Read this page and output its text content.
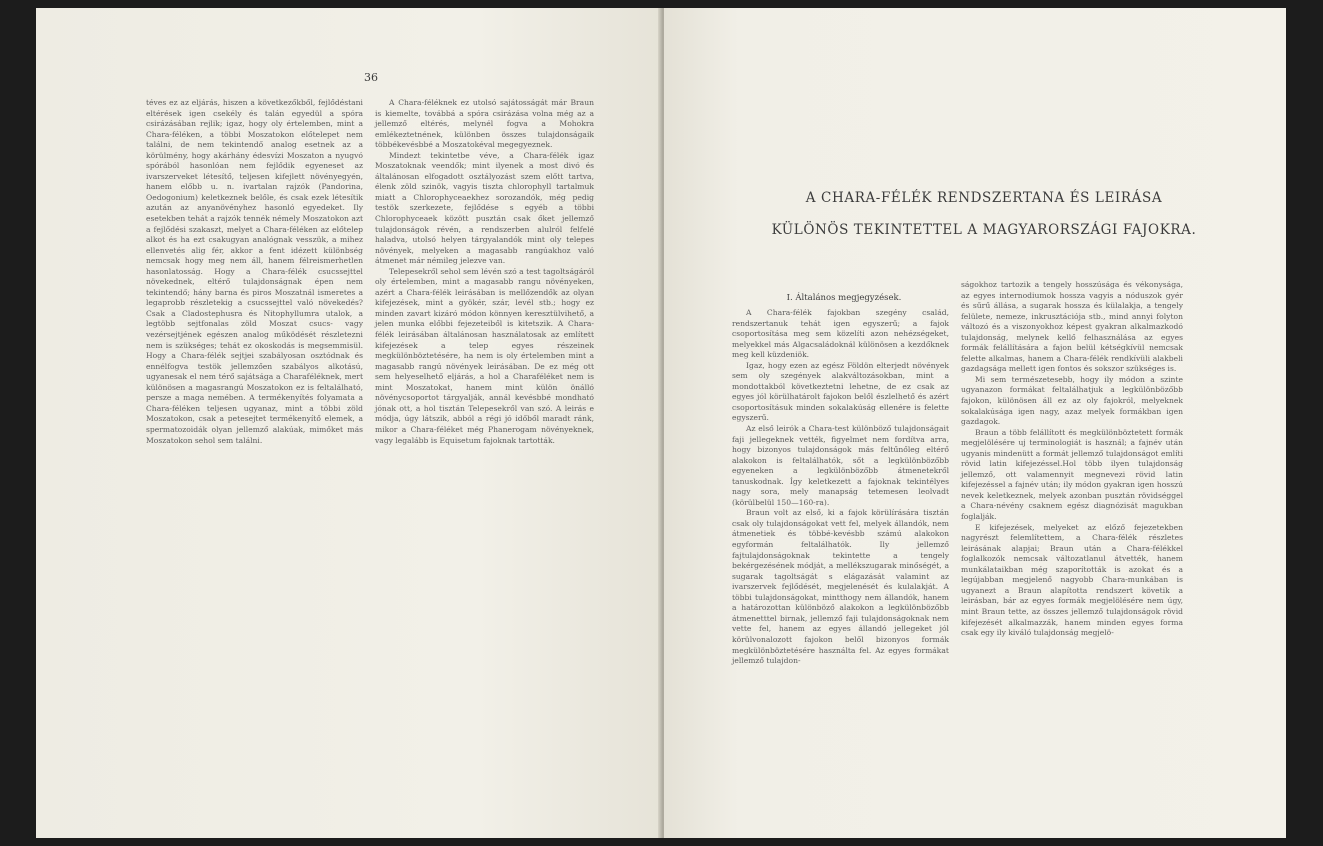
36

téves ez az eljárás, hiszen a következőkből, fejlődéstani eltérések igen csekély és talán egyedül a spóra csirázásában rejlik; igaz, hogy oly értelemben, mint a Chara-féléken, a többi Moszatokon előtelepet nem találni, de nem tekintendő analog esetnek az a körülmény, hogy akárhány édesvízi Moszaton a nyugvó spórából hasonlóan nem fejlődik egyeneset az ivarszerveket létesítő, teljesen kifejlett növényegyén, hanem előbb u. n. ivartalan rajzók (Pandorina, Oedogonium) keletkeznek belőle, és csak ezek létesítik azután az anyanövényhez hasonló egyedeket. Ily esetekben tehát a rajzók tennék némely Moszatokon azt a fejlődési szakaszt, melyet a Chara-féléken az előtelep alkot és ha ezt csakugyan analógnak vesszük, a mihez ellenvetés alig fér, akkor a fent idézett különbség nemcsak hogy meg nem áll, hanem félreismerhetlen hasonlatosság. Hogy a Chara-félék csucssejttel növekednek, eltérő tulajdonságnak épen nem tekintendő; hány barna és piros Moszatnál ismeretes a legaprobb részletekig a csucssejttel való növekedés? Csak a Cladostephusra és Nitophyllumra utalok, a legtöbb sejtfonalas zöld Moszat csucs- vagy vezérsejtjének egészen analog működését részletezni nem is szükséges; tehát ez okoskodás is megsemmisül. Hogy a Chara-félék sejtjei szabályosan osztódnak és ennélfogva testök jellemzően szabályos alkotású, ugyanesak el nem térő sajátsága a Charaféléknek, mert különösen a magasrangú Moszatokon ez is feltalálható, persze a maga nemében. A termékenyítés folyamata a Chara-féléken teljesen ugyanaz, mint a többi zöld Moszatokon, csak a petesejtet termékenyítő elemek, a spermatozoidák olyan jellemző alakúak, mimőket más Moszatokon sehol sem találni.

A Chara-féléknek ez utolsó sajátosságát már Braun is kiemelte, továbbá a spóra csirázása volna még az a jellemző eltérés, melynél fogva a Mohokra emlékeztetnének, különben összes tulajdonságaik többékevésbbé a Moszatokéval megegyeznek.

Mindezt tekintetbe véve, a Chara-félék igaz Moszatoknak veendők; mint ilyenek a most divó és általánosan elfogadott osztályozást szem előtt tartva, élenk zöld szinök, vagyis tiszta chlorophyll tartalmuk miatt a Chlorophyceaekhez sorozandók, még pedig testök szerkezete, fejlődése s egyéb a többi Chlorophyceaek között pusztán csak őket jellemző tulajdonságok révén, a rendszerben alulról felfelé haladva, utolsó helyen tárgyalandók mint oly telepes növények, melyeken a magasabb rangúakhoz való átmenet már némileg jelezve van.

Telepesekről sehol sem lévén szó a test tagoltságáról oly értelemben, mint a magasabb rangu növényeken, azért a Chara-félék leirásában is mellőzendők az olyan kifejezések, mint a gyökér, szár, levél stb.; hogy ez minden zavart kizáró módon könnyen keresztülvihető, a jelen munka előbbi fejezeteiből is kitetszik. A Chara-félék leirásában általánosan használatosak az említett kifejezések a telep egyes részeinek megkülönböztetésére, ha nem is oly értelemben mint a magasabb rangú növények leirásában. De ez még ott sem helyeselhető eljárás, a hol a Charaféléket nem is mint Moszatokat, hanem mint külön önálló növénycsoportot tárgyalják, annál kevésbbé mondható jónak ott, a hol tisztán Telepesekről van szó. A leirás e módja, úgy látszik, abból a régi jó időből maradt ránk, mikor a Chara-féléket még Phanerogam növényeknek, vagy legalább is Equisetum fajoknak tartották.

A CHARA-FÉLÉK RENDSZERTANA ÉS LEIRÁSA
KÜLÖNÖS TEKINTETTEL A MAGYARORSZÁGI FAJOKRA.
I. Általános megjegyzések.

A Chara-félék fajokban szegény család, rendszertanuk tehát igen egyszerű; a fajok csoportosítása meg sem közelíti azon nehézségeket, melyekkel más Algacsaládoknál különösen a kezdőknek meg kell küzdeniök.

Igaz, hogy ezen az egész Földön elterjedt növények sem oly szegények alakváltozásokban, mint a mondottakból következtetni lehetne, de ez csak az egyes jól körülhatárolt fajokon belől észlelhető és azért csoportosításuk minden sokalakúság ellenére is felette egyszerű.

Az első leirók a Chara-test különböző tulajdonságait faji jellegeknek vették, figyelmet nem fordítva arra, hogy bizonyos tulajdonságok más feltűnőleg eltérő alakokon is feltalálhatók, sőt a legkülönbözőbb egyeneken a legkülönbözőbb átmenetekről tanuskodnak. Így keletkezett a fajoknak tekintélyes nagy sora, mely manapság tetemesen leolvadt (körülbelül 150—160-ra).

Braun volt az első, ki a fajok körülírására tisztán csak oly tulajdonságokat vett fel, melyek állandók, nem átmenetiek és többé-kevésbb számú alakokon egyformán feltalálhatók. Ily jellemző fajtulajdonságoknak tekintette a tengely bekérgezésének módját, a mellékszugarak minőségét, a sugarak tagoltságát s elágazását valamint az ivarszervek fejlődését, megjelenését és kulalakját. A többi tulajdonságokat, mintthogy nem állandók, hanem a határozottan különböző alakokon a legkülönbözőbb átmenetttel birnak, jellemző faji tulajdonságoknak nem vette fel, hanem az egyes állandó jellegeket jól körülvonalozott fajokon belől bizonyos formák megkülönböztetésére használta fel. Az egyes formákat jellemző tulajdon-

ságokhoz tartozik a tengely hosszúsága és vékonysága, az egyes internodiumok hossza vagyis a nóduszok gyér és sűrű állása, a sugarak hossza és külalakja, a tengely felülete, nemeze, inkrusztációja stb., mind annyi folyton változó és a viszonyokhoz képest gyakran alkalmazkodó tulajdonság, melynek kellő felhasználása az egyes formák felállítására a fajon belül kétségkívül nemcsak felette alkalmas, hanem a Chara-félék rendkívüli alakbeli gazdagsága mellett igen fontos és sokszor szükséges is.

Mi sem természetesebb, hogy ily módon a szinte ugyanazon formákat feltalálhatjuk a legkülönbözőbb fajokon, különösen áll ez az oly fajokról, melyeknek sokalakúsága igen nagy, azaz melyek formákban igen gazdagok.

Braun a több felállított és megkülönböztetett formák megjelölésére uj terminologiát is használ; a fajnév után ugyanis mindenütt a formát jellemző tulajdonságot említi rövid latin kifejezéssel.Hol több ilyen tulajdonság jellemző, ott valamennyit megnevezi rövid latin kifejezéssel a fajnév után; ily módon gyakran igen hosszú nevek keletkeznek, melyek azonban pusztán rövidséggel a Chara-névény csaknem egész diagnózisát magukban foglalják.

E kifejezések, melyeket az előző fejezetekben nagyrészt felemlítettem, a Chara-félék részletes leirásának alapjai; Braun után a Chara-félékkel foglalkozók nemcsak változatlanul átvették, hanem munkálataikban még szaporították is azokat és a legújabban megjelenő nagyobb Chara-munkában is ugyanezt a Braun alapította rendszert követik a leirásban, bár az egyes formák megjelölésére nem úgy, mint Braun tette, az összes jellemző tulajdonságok rövid kifejezését alkalmazzák, hanem minden egyes forma csak egy ily kiváló tulajdonság megjelö-
